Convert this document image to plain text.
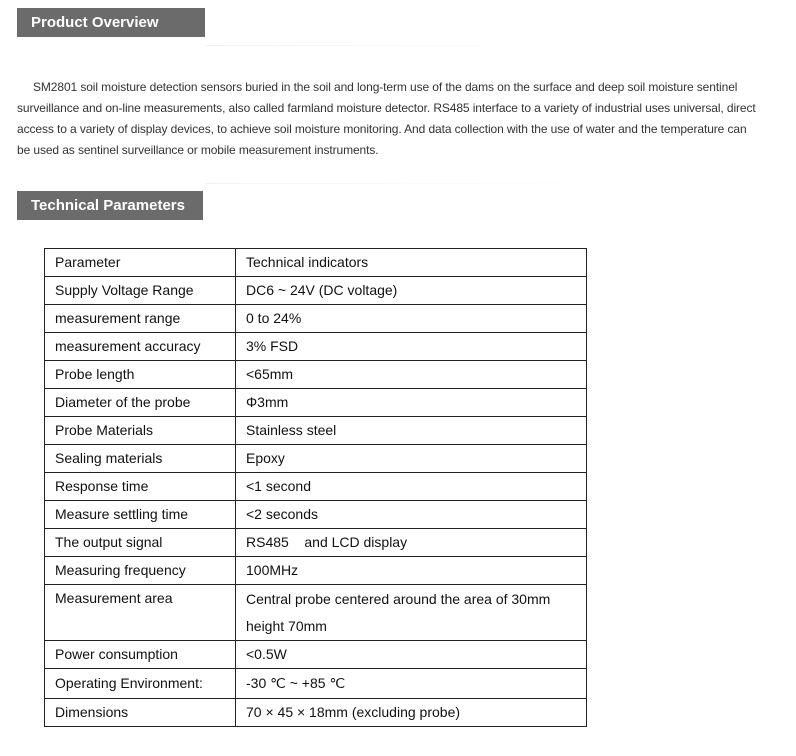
Product Overview

SM2801 soil moisture detection sensors buried in the soil and long-term use of the dams on the surface and deep soil moisture sentinel surveillance and on-line measurements, also called farmland moisture detector. RS485 interface to a variety of industrial uses universal, direct access to a variety of display devices, to achieve soil moisture monitoring. And data collection with the use of water and the temperature can be used as sentinel surveillance or mobile measurement instruments.

Technical Parameters
Parameter	Technical indicators
Supply Voltage Range	DC6 ~ 24V (DC voltage)
measurement range	0 to 24%
measurement accuracy	3% FSD
Probe length	<65mm
Diameter of the probe	Φ3mm
Probe Materials	Stainless steel
Sealing materials	Epoxy
Response time	<1 second
Measure settling time	<2 seconds
The output signal	RS485    and LCD display
Measuring frequency	100MHz
Measurement area	Central probe centered around the area of 30mm height 70mm
Power consumption	<0.5W
Operating Environment:	-30 ℃ ~ +85 ℃
Dimensions	70 × 45 × 18mm (excluding probe)
